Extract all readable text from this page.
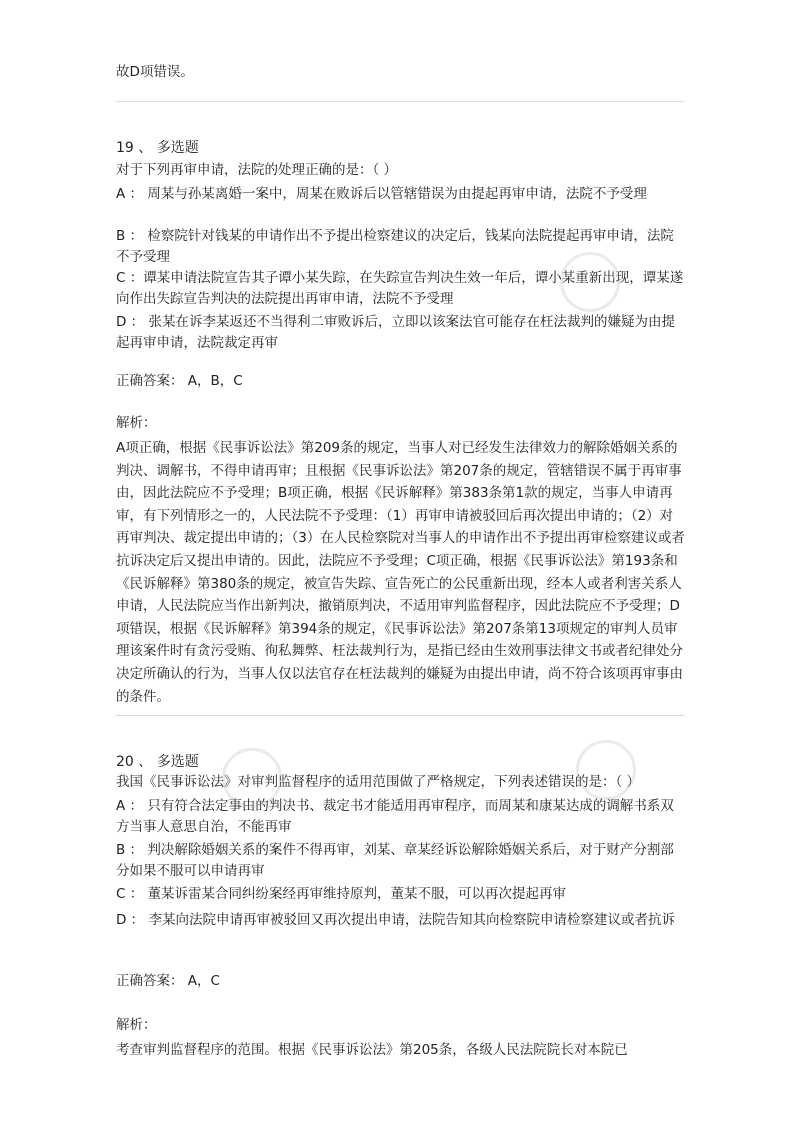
故D项错误。

19 、 多选题

对于下列再审申请，法院的处理正确的是：（ ）

A ： 周某与孙某离婚一案中，周某在败诉后以管辖错误为由提起再审申请，法院不予受理

B ： 检察院针对钱某的申请作出不予提出检察建议的决定后，钱某向法院提起再审申请，法院不予受理

C ：谭某申请法院宣告其子谭小某失踪，在失踪宣告判决生效一年后，谭小某重新出现，谭某遂向作出失踪宣告判决的法院提出再审申请，法院不予受理

D ： 张某在诉李某返还不当得利二审败诉后，立即以该案法官可能存在枉法裁判的嫌疑为由提起再审申请，法院裁定再审

正确答案： A，B，C

解析：

A项正确，根据《民事诉讼法》第209条的规定，当事人对已经发生法律效力的解除婚姻关系的判决、调解书，不得申请再审；且根据《民事诉讼法》第207条的规定，管辖错误不属于再审事由，因此法院应不予受理；B项正确，根据《民诉解释》第383条第1款的规定，当事人申请再审，有下列情形之一的，人民法院不予受理：（1）再审申请被驳回后再次提出申请的；（2）对再审判决、裁定提出申请的；（3）在人民检察院对当事人的申请作出不予提出再审检察建议或者抗诉决定后又提出申请的。因此，法院应不予受理；C项正确，根据《民事诉讼法》第193条和《民诉解释》第380条的规定，被宣告失踪、宣告死亡的公民重新出现，经本人或者利害关系人申请，人民法院应当作出新判决，撤销原判决，不适用审判监督程序，因此法院应不予受理；D项错误，根据《民诉解释》第394条的规定，《民事诉讼法》第207条第13项规定的审判人员审理该案件时有贪污受贿、徇私舞弊、枉法裁判行为，是指已经由生效刑事法律文书或者纪律处分决定所确认的行为，当事人仅以法官存在枉法裁判的嫌疑为由提出申请，尚不符合该项再审事由的条件。

20 、 多选题

我国《民事诉讼法》对审判监督程序的适用范围做了严格规定，下列表述错误的是：（ ）

A ： 只有符合法定事由的判决书、裁定书才能适用再审程序，而周某和康某达成的调解书系双方当事人意思自治，不能再审

B ： 判决解除婚姻关系的案件不得再审，刘某、章某经诉讼解除婚姻关系后，对于财产分割部分如果不服可以申请再审

C ： 董某诉雷某合同纠纷案经再审维持原判，董某不服，可以再次提起再审

D ： 李某向法院申请再审被驳回又再次提出申请，法院告知其向检察院申请检察建议或者抗诉

正确答案： A，C

解析：

考查审判监督程序的范围。根据《民事诉讼法》第205条，各级人民法院院长对本院已
